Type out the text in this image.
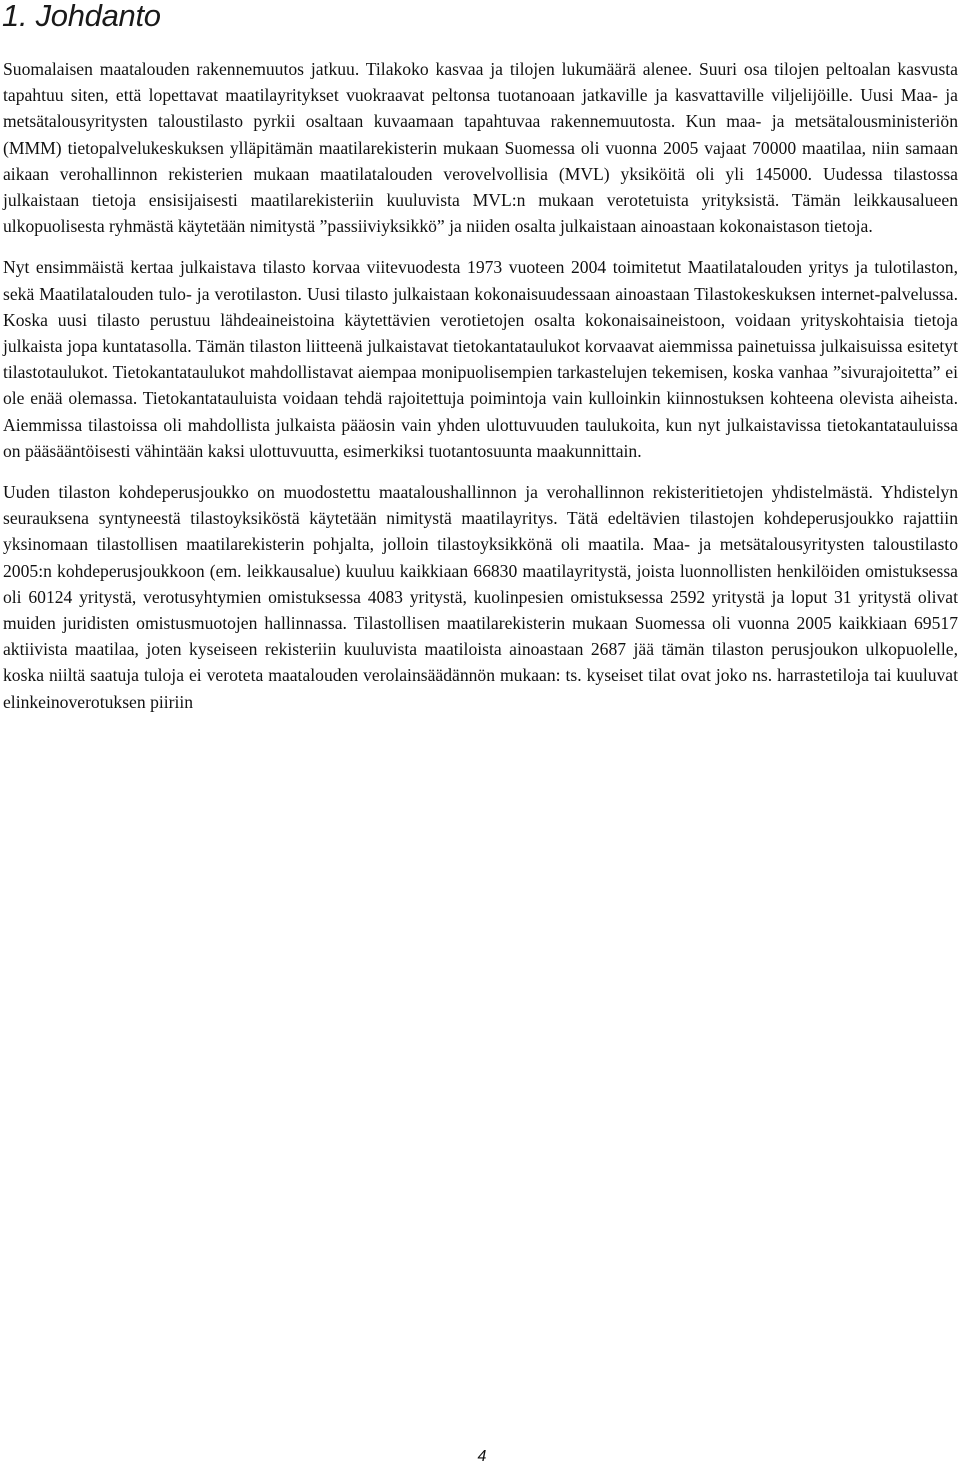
1. Johdanto

Suomalaisen maatalouden rakennemuutos jatkuu. Tilakoko kasvaa ja tilojen lukumäärä alenee. Suuri osa tilojen peltoalan kasvusta tapahtuu siten, että lopettavat maatilayritykset vuokraavat peltonsa tuotanoaan jatkaville ja kasvattaville viljelijöille. Uusi Maa- ja metsätalousyritysten taloustilasto pyrkii osaltaan kuvaamaan tapahtuvaa rakennemuutosta. Kun maa- ja metsätalousministeriön (MMM) tietopalvelukeskuksen ylläpitämän maatilarekisterin mukaan Suomessa oli vuonna 2005 vajaat 70000 maatilaa, niin samaan aikaan verohallinnon rekisterien mukaan maatilatalouden verovelvollisia (MVL) yksiköitä oli yli 145000. Uudessa tilastossa julkaistaan tietoja ensisijaisesti maatilarekisteriin kuuluvista MVL:n mukaan verotetuista yrityksistä. Tämän leikkausalueen ulkopuolisesta ryhmästä käytetään nimitystä ”passiiviyksikkö” ja niiden osalta julkaistaan ainoastaan kokonaistason tietoja.

Nyt ensimmäistä kertaa julkaistava tilasto korvaa viitevuodesta 1973 vuoteen 2004 toimitetut Maatilatalouden yritys ja tulotilaston, sekä Maatilatalouden tulo- ja verotilaston. Uusi tilasto julkaistaan kokonaisuudessaan ainoastaan Tilastokeskuksen internet-palvelussa. Koska uusi tilasto perustuu lähdeaineistoina käytettävien verotietojen osalta kokonaisaineistoon, voidaan yrityskohtaisia tietoja julkaista jopa kuntatasolla. Tämän tilaston liitteenä julkaistavat tietokantataulukot korvaavat aiemmissa painetuissa julkaisuissa esitetyt tilastotaulukot. Tietokantataulukot mahdollistavat aiempaa monipuolisempien tarkastelujen tekemisen, koska vanhaa ”sivurajoitetta” ei ole enää olemassa. Tietokantatauluista voidaan tehdä rajoitettuja poimintoja vain kulloinkin kiinnostuksen kohteena olevista aiheista. Aiemmissa tilastoissa oli mahdollista julkaista pääosin vain yhden ulottuvuuden taulukoita, kun nyt julkaistavissa tietokantatauluissa on pääsääntöisesti vähintään kaksi ulottuvuutta, esimerkiksi tuotantosuunta maakunnittain.

Uuden tilaston kohdeperusjoukko on muodostettu maataloushallinnon ja verohallinnon rekisteritietojen yhdistelmästä. Yhdistelyn seurauksena syntyneestä tilastoyksiköstä käytetään nimitystä maatilayritys. Tätä edeltävien tilastojen kohdeperusjoukko rajattiin yksinomaan tilastollisen maatilarekisterin pohjalta, jolloin tilastoyksikkönä oli maatila. Maa- ja metsätalousyritysten taloustilasto 2005:n kohdeperusjoukkoon (em. leikkausalue) kuuluu kaikkiaan 66830 maatilayritystä, joista luonnollisten henkilöiden omistuksessa oli 60124 yritystä, verotusyhtymien omistuksessa 4083 yritystä, kuolinpesien omistuksessa 2592 yritystä ja loput 31 yritystä olivat muiden juridisten omistusmuotojen hallinnassa. Tilastollisen maatilarekisterin mukaan Suomessa oli vuonna 2005 kaikkiaan 69517 aktiivista maatilaa, joten kyseiseen rekisteriin kuuluvista maatiloista ainoastaan 2687 jää tämän tilaston perusjoukon ulkopuolelle, koska niiltä saatuja tuloja ei veroteta maatalouden verolainsäädännön mukaan: ts. kyseiset tilat ovat joko ns. harrastetiloja tai kuuluvat elinkeinoverotuksen piiriin

4
